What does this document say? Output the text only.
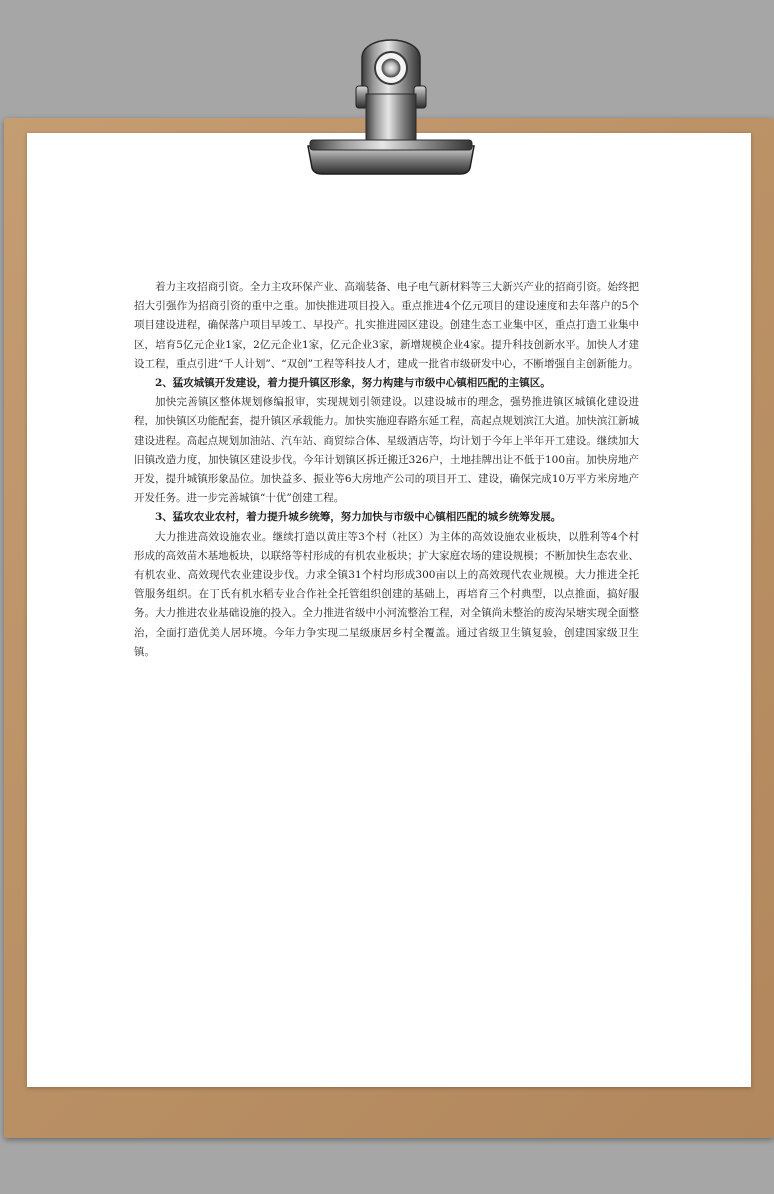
着力主攻招商引资。全力主攻环保产业、高端装备、电子电气新材料等三大新兴产业的招商引资。始终把招大引强作为招商引资的重中之重。加快推进项目投入。重点推进4个亿元项目的建设速度和去年落户的5个项目建设进程，确保落户项目早竣工、早投产。扎实推进园区建设。创建生态工业集中区，重点打造工业集中区，培育5亿元企业1家，2亿元企业1家，亿元企业3家，新增规模企业4家。提升科技创新水平。加快人才建设工程，重点引进“千人计划”、“双创”工程等科技人才，建成一批省市级研发中心，不断增强自主创新能力。

2、猛攻城镇开发建设，着力提升镇区形象，努力构建与市级中心镇相匹配的主镇区。

加快完善镇区整体规划修编报审，实现规划引领建设。以建设城市的理念，强势推进镇区城镇化建设进程，加快镇区功能配套，提升镇区承载能力。加快实施迎春路东延工程，高起点规划滨江大道。加快滨江新城建设进程。高起点规划加油站、汽车站、商贸综合体、星级酒店等，均计划于今年上半年开工建设。继续加大旧镇改造力度，加快镇区建设步伐。今年计划镇区拆迁搬迁326户，土地挂牌出让不低于100亩。加快房地产开发，提升城镇形象品位。加快益多、振业等6大房地产公司的项目开工、建设，确保完成10万平方米房地产开发任务。进一步完善城镇“十优”创建工程。

3、猛攻农业农村，着力提升城乡统筹，努力加快与市级中心镇相匹配的城乡统筹发展。

大力推进高效设施农业。继续打造以黄庄等3个村（社区）为主体的高效设施农业板块，以胜利等4个村形成的高效苗木基地板块，以联络等村形成的有机农业板块；扩大家庭农场的建设规模；不断加快生态农业、有机农业、高效现代农业建设步伐。力求全镇31个村均形成300亩以上的高效现代农业规模。大力推进全托管服务组织。在丁氏有机水稻专业合作社全托管组织创建的基础上，再培育三个村典型，以点推面，搞好服务。大力推进农业基础设施的投入。全力推进省级中小河流整治工程，对全镇尚未整治的废沟呆塘实现全面整治，全面打造优美人居环境。今年力争实现二星级康居乡村全覆盖。通过省级卫生镇复验，创建国家级卫生镇。
